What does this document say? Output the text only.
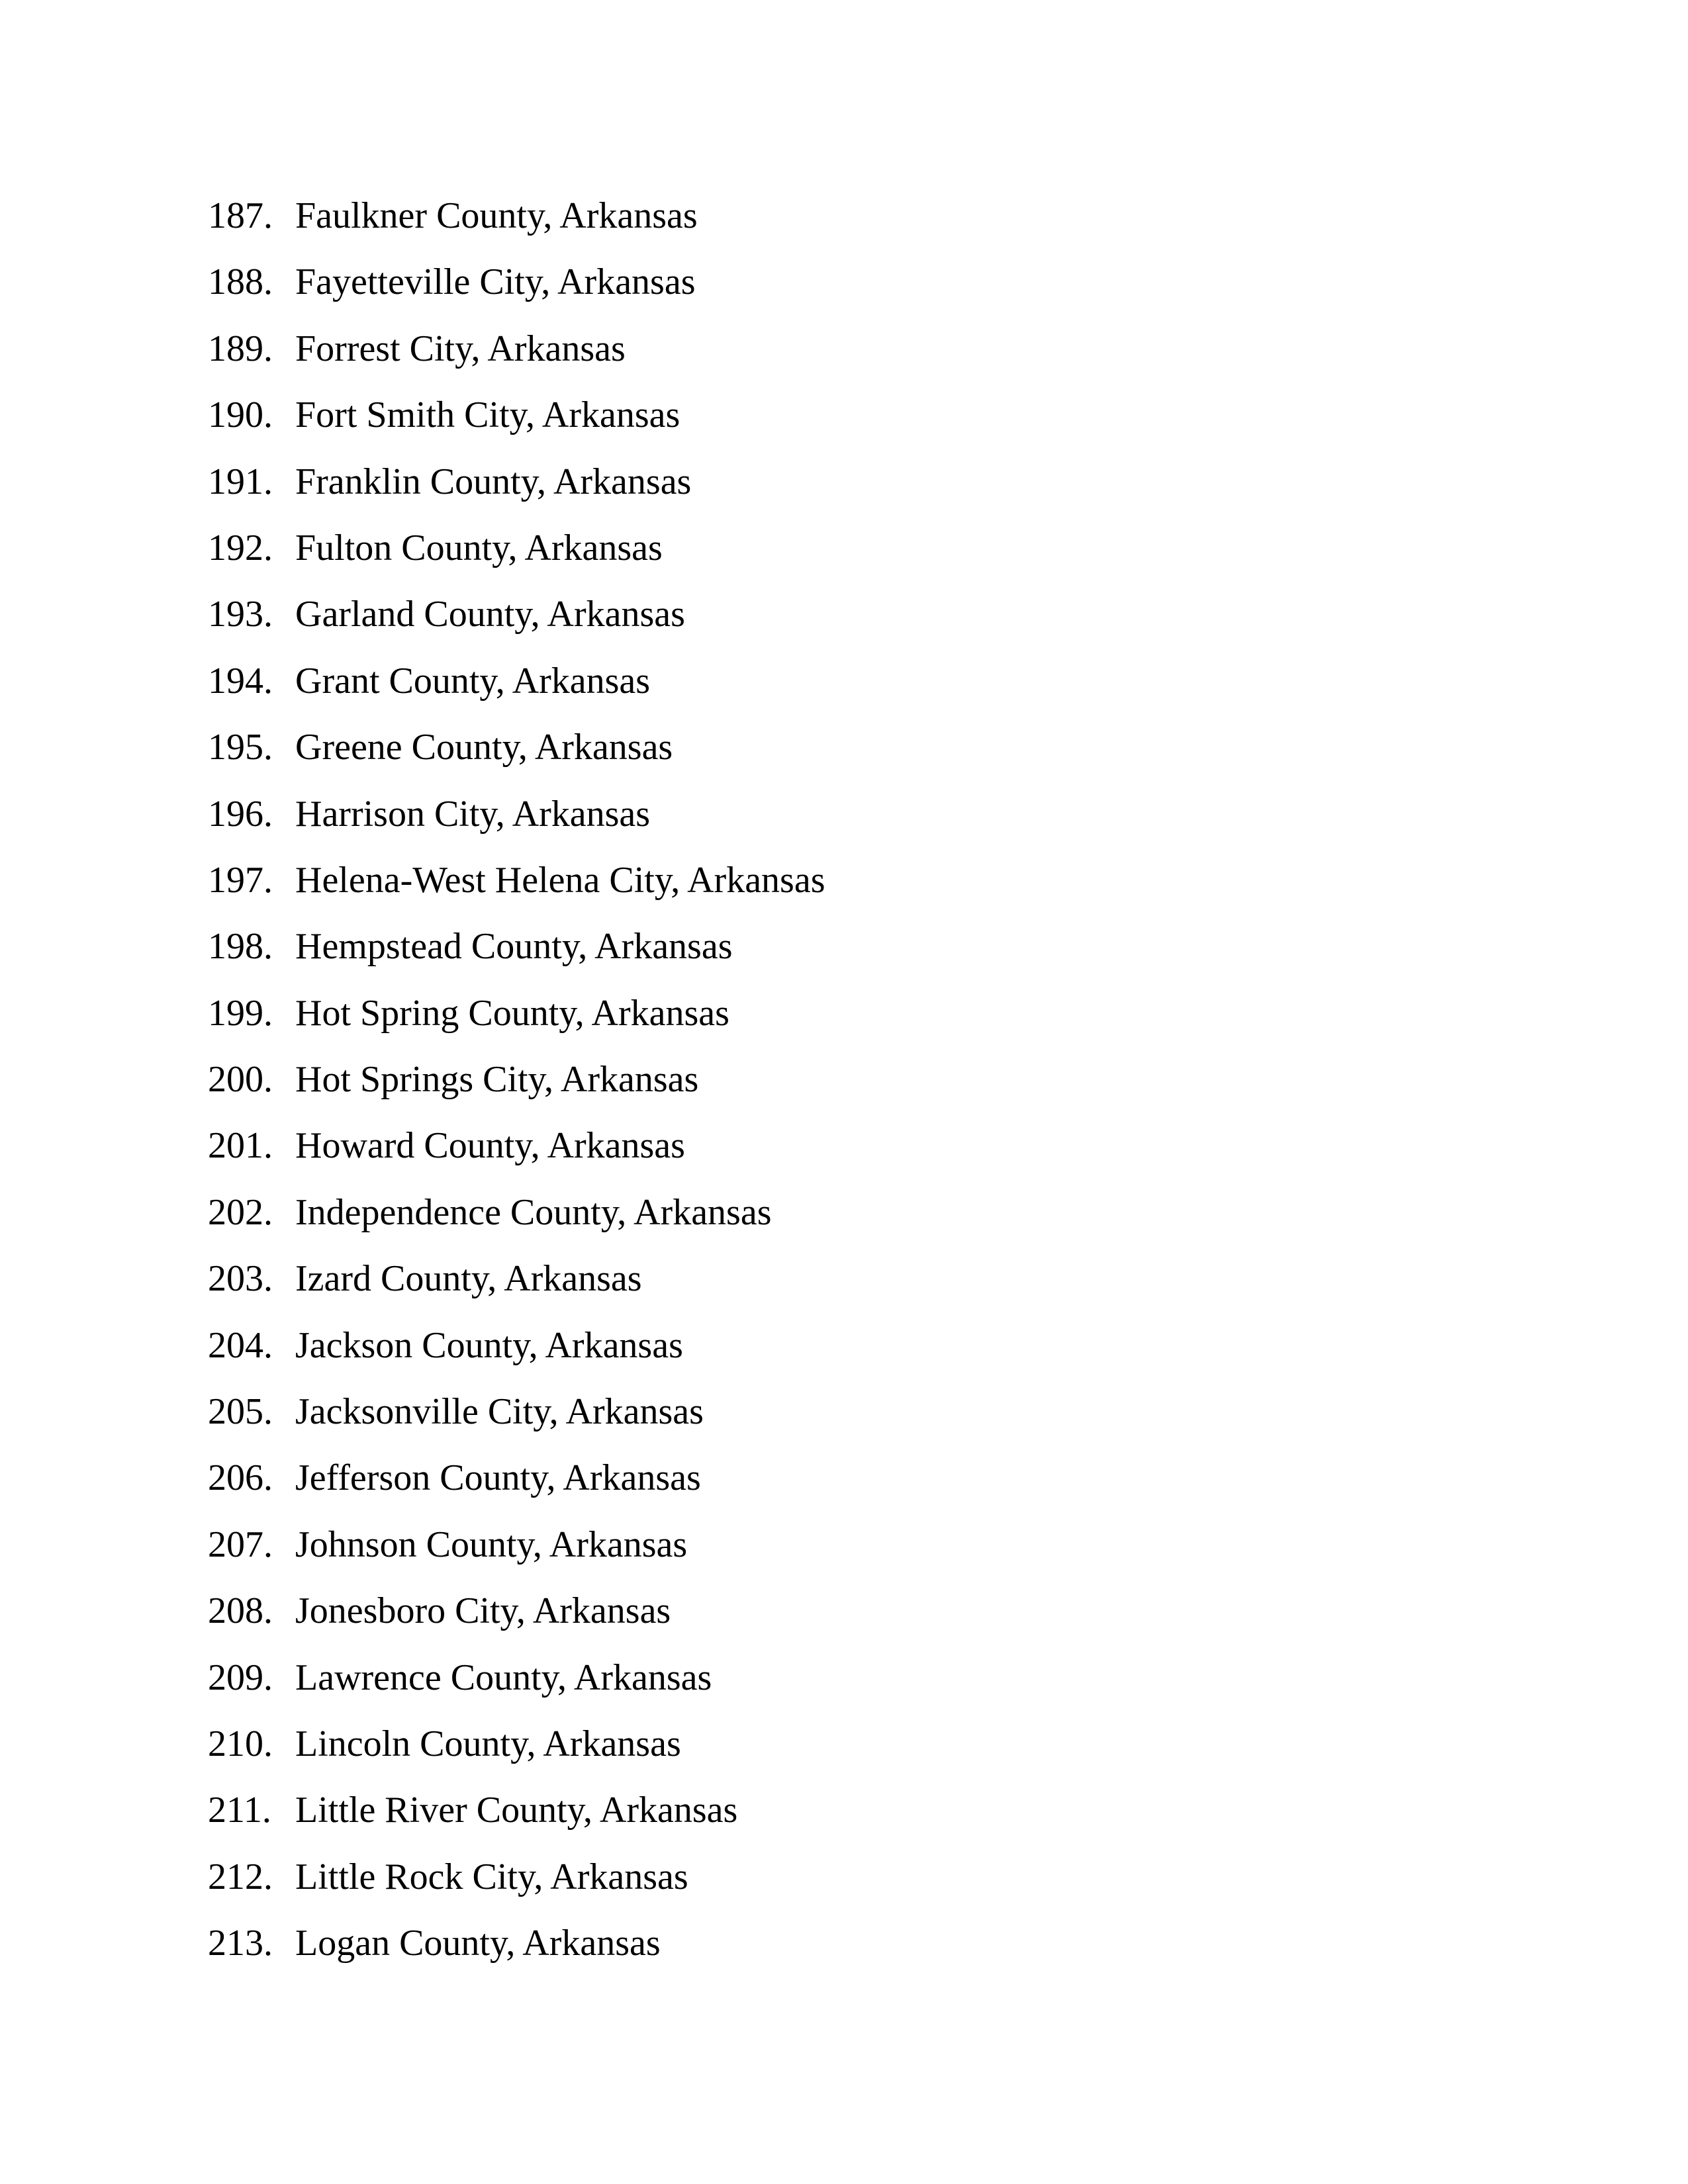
187. Faulkner County, Arkansas
188. Fayetteville City, Arkansas
189. Forrest City, Arkansas
190. Fort Smith City, Arkansas
191. Franklin County, Arkansas
192. Fulton County, Arkansas
193. Garland County, Arkansas
194. Grant County, Arkansas
195. Greene County, Arkansas
196. Harrison City, Arkansas
197. Helena-West Helena City, Arkansas
198. Hempstead County, Arkansas
199. Hot Spring County, Arkansas
200. Hot Springs City, Arkansas
201. Howard County, Arkansas
202. Independence County, Arkansas
203. Izard County, Arkansas
204. Jackson County, Arkansas
205. Jacksonville City, Arkansas
206. Jefferson County, Arkansas
207. Johnson County, Arkansas
208. Jonesboro City, Arkansas
209. Lawrence County, Arkansas
210. Lincoln County, Arkansas
211. Little River County, Arkansas
212. Little Rock City, Arkansas
213. Logan County, Arkansas
